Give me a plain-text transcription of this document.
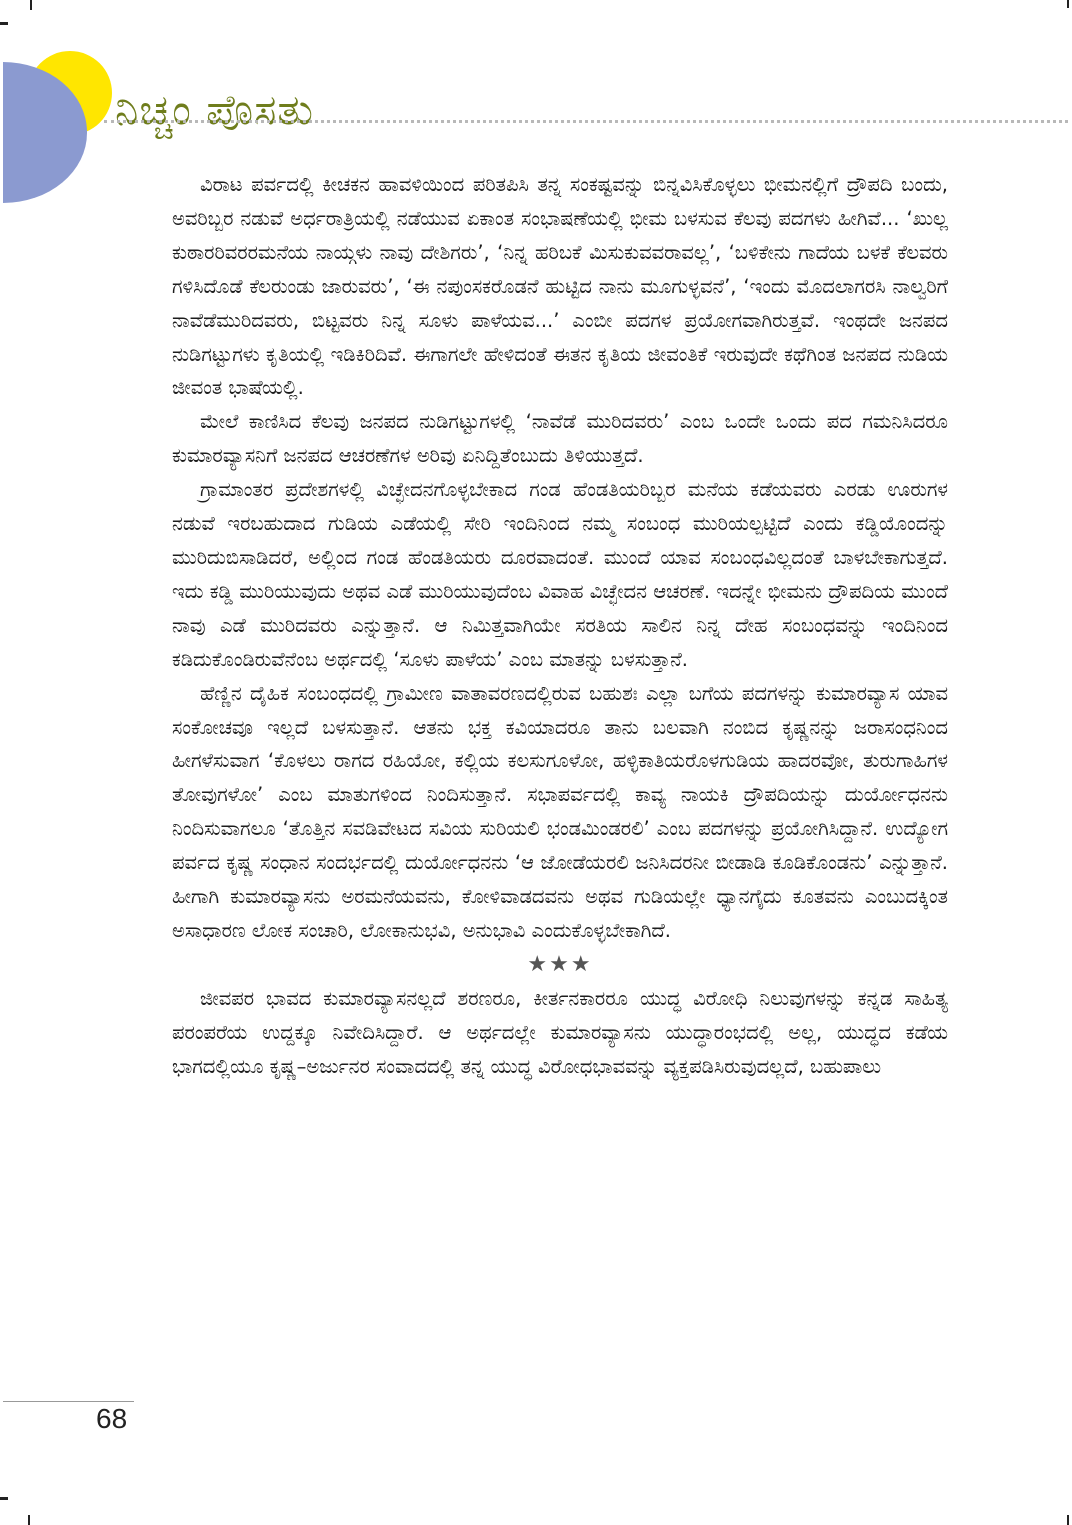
ನಿಚ್ಚಂ ಪೊಸತು

ವಿರಾಟ ಪರ್ವದಲ್ಲಿ ಕೀಚಕನ ಹಾವಳಿಯಿಂದ ಪರಿತಪಿಸಿ ತನ್ನ ಸಂಕಷ್ಟವನ್ನು ಬಿನ್ನವಿಸಿಕೊಳ್ಳಲು ಭೀಮನಲ್ಲಿಗೆ ದ್ರೌಪದಿ ಬಂದು, ಅವರಿಬ್ಬರ ನಡುವೆ ಅರ್ಧರಾತ್ರಿಯಲ್ಲಿ ನಡೆಯುವ ಏಕಾಂತ ಸಂಭಾಷಣೆಯಲ್ಲಿ ಭೀಮ ಬಳಸುವ ಕೆಲವು ಪದಗಳು ಹೀಗಿವೆ... ‘ಖುಲ್ಲ ಕುಠಾರರಿವರರಮನೆಯ ನಾಯ್ಗಳು ನಾವು ದೇಶಿಗರು’, ‘ನಿನ್ನ ಹರಿಬಕೆ ಮಿಸುಕುವವರಾವಲ್ಲ’, ‘ಬಳಿಕೇನು ಗಾದೆಯ ಬಳಕೆ ಕೆಲವರು ಗಳಿಸಿದೊಡೆ ಕೆಲರುಂಡು ಜಾರುವರು’, ‘ಈ ನಪುಂಸಕರೊಡನೆ ಹುಟ್ಟಿದ ನಾನು ಮೂಗುಳ್ಳವನೆ’, ‘ಇಂದು ಮೊದಲಾಗರಸಿ ನಾಲ್ವರಿಗೆ ನಾವೆಡೆಮುರಿದವರು, ಬಿಟ್ಟವರು ನಿನ್ನ ಸೂಳು ಪಾಳೆಯವ...’ ಎಂಬೀ ಪದಗಳ ಪ್ರಯೋಗವಾಗಿರುತ್ತವೆ. ಇಂಥದೇ ಜನಪದ ನುಡಿಗಟ್ಟುಗಳು ಕೃತಿಯಲ್ಲಿ ಇಡಿಕಿರಿದಿವೆ. ಈಗಾಗಲೇ ಹೇಳಿದಂತೆ ಈತನ ಕೃತಿಯ ಜೀವಂತಿಕೆ ಇರುವುದೇ ಕಥೆಗಿಂತ ಜನಪದ ನುಡಿಯ ಜೀವಂತ ಭಾಷೆಯಲ್ಲಿ.

ಮೇಲೆ ಕಾಣಿಸಿದ ಕೆಲವು ಜನಪದ ನುಡಿಗಟ್ಟುಗಳಲ್ಲಿ ‘ನಾವೆಡೆ ಮುರಿದವರು’ ಎಂಬ ಒಂದೇ ಒಂದು ಪದ ಗಮನಿಸಿದರೂ ಕುಮಾರವ್ಯಾಸನಿಗೆ ಜನಪದ ಆಚರಣೆಗಳ ಅರಿವು ಏನಿದ್ದಿತೆಂಬುದು ತಿಳಿಯುತ್ತದೆ.

ಗ್ರಾಮಾಂತರ ಪ್ರದೇಶಗಳಲ್ಲಿ ವಿಚ್ಛೇದನಗೊಳ್ಳಬೇಕಾದ ಗಂಡ ಹೆಂಡತಿಯರಿಬ್ಬರ ಮನೆಯ ಕಡೆಯವರು ಎರಡು ಊರುಗಳ ನಡುವೆ ಇರಬಹುದಾದ ಗುಡಿಯ ಎಡೆಯಲ್ಲಿ ಸೇರಿ ಇಂದಿನಿಂದ ನಮ್ಮ ಸಂಬಂಧ ಮುರಿಯಲ್ಪಟ್ಟಿದೆ ಎಂದು ಕಡ್ಡಿಯೊಂದನ್ನು ಮುರಿದುಬಿಸಾಡಿದರೆ, ಅಲ್ಲಿಂದ ಗಂಡ ಹೆಂಡತಿಯರು ದೂರವಾದಂತೆ. ಮುಂದೆ ಯಾವ ಸಂಬಂಧವಿಲ್ಲದಂತೆ ಬಾಳಬೇಕಾಗುತ್ತದೆ. ಇದು ಕಡ್ಡಿ ಮುರಿಯುವುದು ಅಥವ ಎಡೆ ಮುರಿಯುವುದೆಂಬ ವಿವಾಹ ವಿಚ್ಛೇದನ ಆಚರಣೆ. ಇದನ್ನೇ ಭೀಮನು ದ್ರೌಪದಿಯ ಮುಂದೆ ನಾವು ಎಡೆ ಮುರಿದವರು ಎನ್ನುತ್ತಾನೆ. ಆ ನಿಮಿತ್ತವಾಗಿಯೇ ಸರತಿಯ ಸಾಲಿನ ನಿನ್ನ ದೇಹ ಸಂಬಂಧವನ್ನು ಇಂದಿನಿಂದ ಕಡಿದುಕೊಂಡಿರುವೆನೆಂಬ ಅರ್ಥದಲ್ಲಿ ‘ಸೂಳು ಪಾಳೆಯ’ ಎಂಬ ಮಾತನ್ನು ಬಳಸುತ್ತಾನೆ.

ಹೆಣ್ಣಿನ ದೈಹಿಕ ಸಂಬಂಧದಲ್ಲಿ ಗ್ರಾಮೀಣ ವಾತಾವರಣದಲ್ಲಿರುವ ಬಹುಶಃ ಎಲ್ಲಾ ಬಗೆಯ ಪದಗಳನ್ನು ಕುಮಾರವ್ಯಾಸ ಯಾವ ಸಂಕೋಚವೂ ಇಲ್ಲದೆ ಬಳಸುತ್ತಾನೆ. ಆತನು ಭಕ್ತ ಕವಿಯಾದರೂ ತಾನು ಬಲವಾಗಿ ನಂಬಿದ ಕೃಷ್ಣನನ್ನು ಜರಾಸಂಧನಿಂದ ಹೀಗಳೆಸುವಾಗ ‘ಕೊಳಲು ರಾಗದ ರಹಿಯೋ, ಕಲ್ಲಿಯ ಕಲಸುಗೂಳೋ, ಹಳ್ಳಿಕಾತಿಯರೊಳಗುಡಿಯ ಹಾದರವೋ, ತುರುಗಾಹಿಗಳ ತೋವುಗಳೋ’ ಎಂಬ ಮಾತುಗಳಿಂದ ನಿಂದಿಸುತ್ತಾನೆ. ಸಭಾಪರ್ವದಲ್ಲಿ ಕಾವ್ಯ ನಾಯಕಿ ದ್ರೌಪದಿಯನ್ನು ದುರ್ಯೋಧನನು ನಿಂದಿಸುವಾಗಲೂ ‘ತೊತ್ತಿನ ಸವಡಿವೇಟದ ಸವಿಯ ಸುರಿಯಲಿ ಭಂಡಮಿಂಡರಲಿ’ ಎಂಬ ಪದಗಳನ್ನು ಪ್ರಯೋಗಿಸಿದ್ದಾನೆ. ಉದ್ಯೋಗ ಪರ್ವದ ಕೃಷ್ಣ ಸಂಧಾನ ಸಂದರ್ಭದಲ್ಲಿ ದುರ್ಯೋಧನನು ‘ಆ ಜೋಡೆಯರಲಿ ಜನಿಸಿದರನೀ ಬೀಡಾಡಿ ಕೂಡಿಕೊಂಡನು’ ಎನ್ನುತ್ತಾನೆ. ಹೀಗಾಗಿ ಕುಮಾರವ್ಯಾಸನು ಅರಮನೆಯವನು, ಕೋಳಿವಾಡದವನು ಅಥವ ಗುಡಿಯಲ್ಲೇ ಧ್ಯಾನಗೈದು ಕೂತವನು ಎಂಬುದಕ್ಕಿಂತ ಅಸಾಧಾರಣ ಲೋಕ ಸಂಚಾರಿ, ಲೋಕಾನುಭವಿ, ಅನುಭಾವಿ ಎಂದುಕೊಳ್ಳಬೇಕಾಗಿದೆ.

★★★

ಜೀವಪರ ಭಾವದ ಕುಮಾರವ್ಯಾಸನಲ್ಲದೆ ಶರಣರೂ, ಕೀರ್ತನಕಾರರೂ ಯುದ್ಧ ವಿರೋಧಿ ನಿಲುವುಗಳನ್ನು ಕನ್ನಡ ಸಾಹಿತ್ಯ ಪರಂಪರೆಯ ಉದ್ದಕ್ಕೂ ನಿವೇದಿಸಿದ್ದಾರೆ. ಆ ಅರ್ಥದಲ್ಲೇ ಕುಮಾರವ್ಯಾಸನು ಯುದ್ಧಾರಂಭದಲ್ಲಿ ಅಲ್ಲ, ಯುದ್ಧದ ಕಡೆಯ ಭಾಗದಲ್ಲಿಯೂ ಕೃಷ್ಣ–ಅರ್ಜುನರ ಸಂವಾದದಲ್ಲಿ ತನ್ನ ಯುದ್ಧ ವಿರೋಧಭಾವವನ್ನು ವ್ಯಕ್ತಪಡಿಸಿರುವುದಲ್ಲದೆ, ಬಹುಪಾಲು

68
